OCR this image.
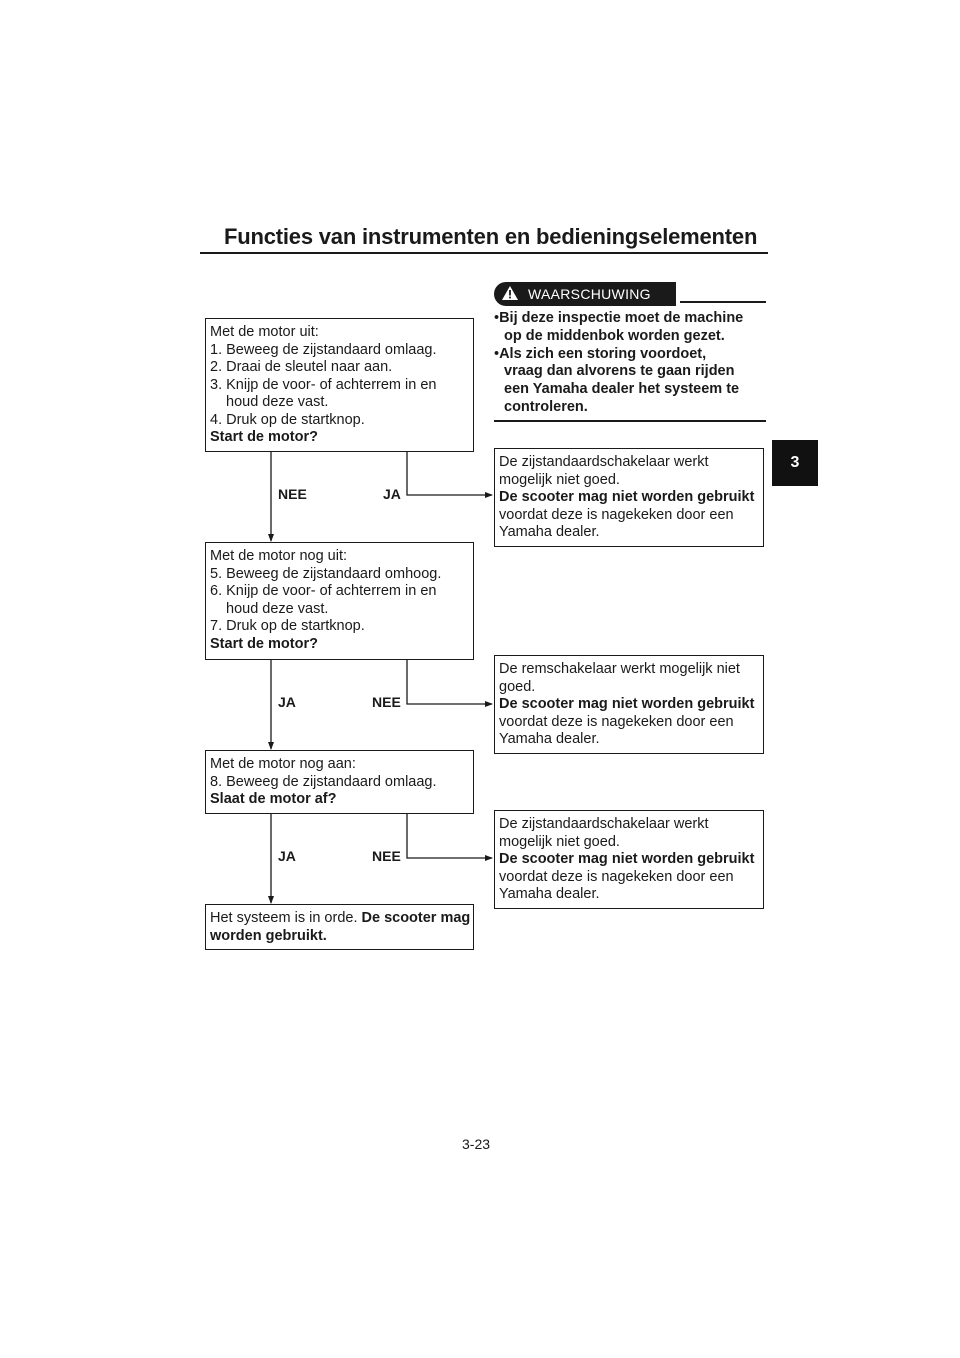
Functies van instrumenten en bedieningselementen
3
WAARSCHUWING
•Bij deze inspectie moet de machine
op de middenbok worden gezet.
•Als zich een storing voordoet,
vraag dan alvorens te gaan rijden
een Yamaha dealer het systeem te
controleren.
Met de motor uit:
1. Beweeg de zijstandaard omlaag.
2. Draai de sleutel naar aan.
3. Knijp de voor- of achterrem in en
houd deze vast.
4. Druk op de startknop.
Start de motor?
Met de motor nog uit:
5. Beweeg de zijstandaard omhoog.
6. Knijp de voor- of achterrem in en
houd deze vast.
7. Druk op de startknop.
Start de motor?
Met de motor nog aan:
8. Beweeg de zijstandaard omlaag.
Slaat de motor af?
Het systeem is in orde. De scooter mag
worden gebruikt.
De zijstandaardschakelaar werkt
mogelijk niet goed.
De scooter mag niet worden gebruikt
voordat deze is nagekeken door een
Yamaha dealer.
De remschakelaar werkt mogelijk niet
goed.
De scooter mag niet worden gebruikt
voordat deze is nagekeken door een
Yamaha dealer.
De zijstandaardschakelaar werkt
mogelijk niet goed.
De scooter mag niet worden gebruikt
voordat deze is nagekeken door een
Yamaha dealer.
NEE	JA
JA	NEE
JA	NEE
3-23
